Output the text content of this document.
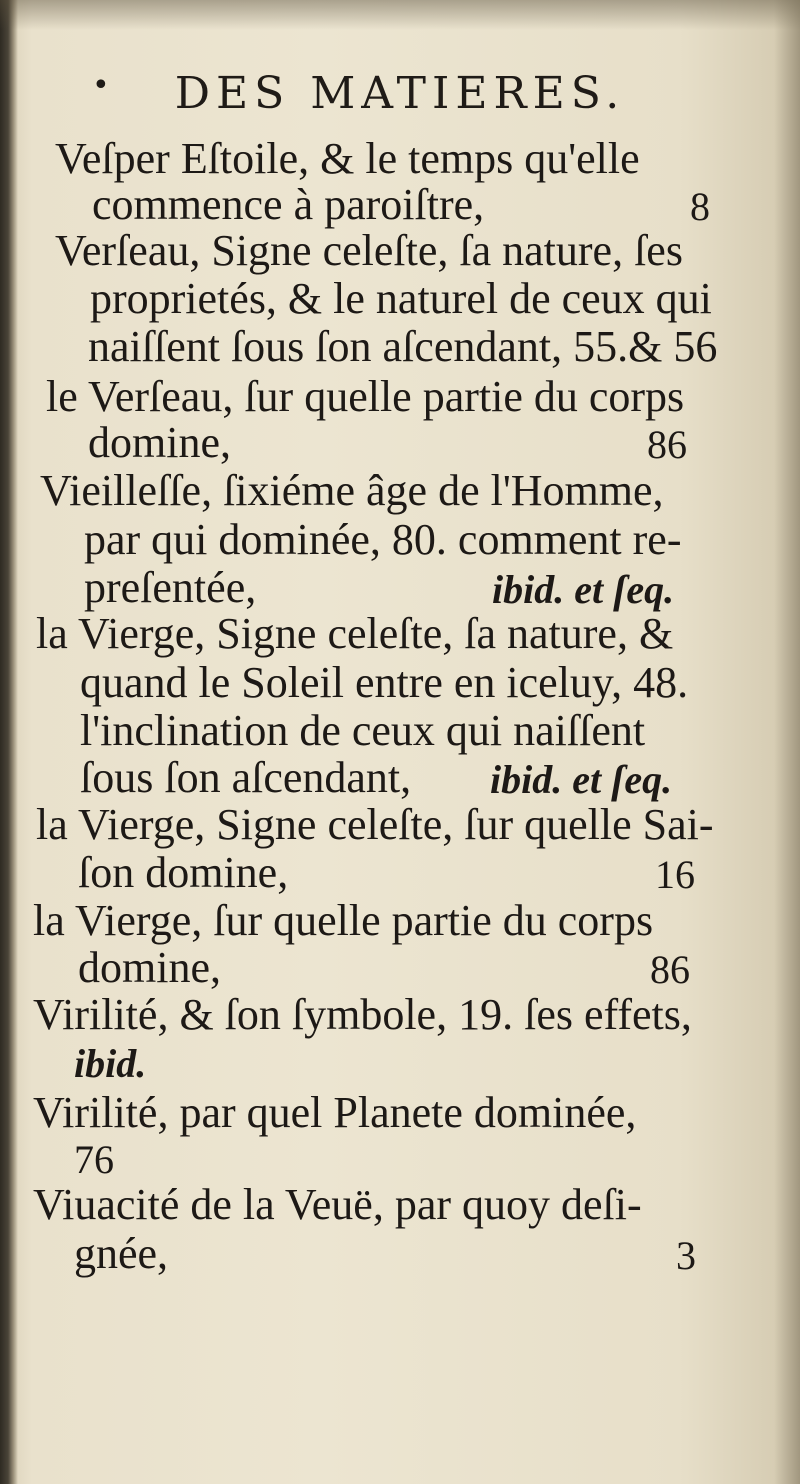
• DES MATIERES.
Veſper Eſtoile, & le temps qu'elle
commence à paroiſtre,	8
Verſeau, Signe celeſte, ſa nature, ſes
proprietés, & le naturel de ceux qui
naiſſent ſous ſon aſcendant, 55.& 56
le Verſeau, ſur quelle partie du corps
domine,	86
Vieilleſſe, ſixiéme âge de l'Homme,
par qui dominée, 80. comment re-
preſentée,	ibid. et ſeq.
la Vierge, Signe celeſte, ſa nature, &
quand le Soleil entre en iceluy, 48.
l'inclination de ceux qui naiſſent
ſous ſon aſcendant, ibid. et ſeq.
la Vierge, Signe celeſte, ſur quelle Sai-
ſon domine,	16
la Vierge, ſur quelle partie du corps
domine,	86
Virilité, & ſon ſymbole, 19. ſes effets,
ibid.
Virilité, par quel Planete dominée,
76
Viuacité de la Veuë, par quoy deſi-
gnée,	3
